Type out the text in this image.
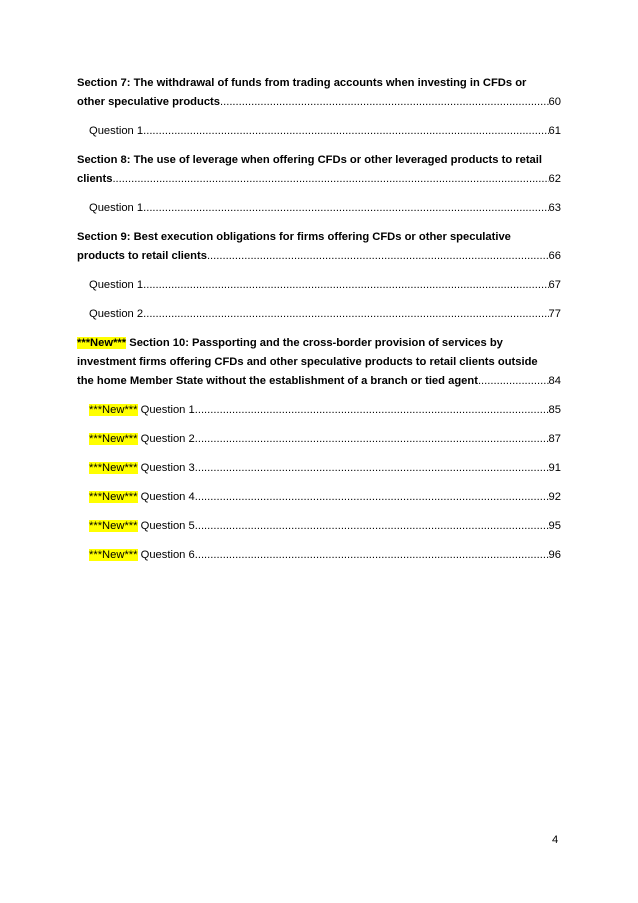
Section 7: The withdrawal of funds from trading accounts when investing in CFDs or
other speculative products .....	60
Question 1 .....	61
Section 8: The use of leverage when offering CFDs or other leveraged products to retail
clients .....	62
Question 1 .....	63
Section 9: Best execution obligations for firms offering CFDs or other speculative
products to retail clients .....	66
Question 1 .....	67
Question 2 .....	77
***New*** Section 10: Passporting and the cross-border provision of services by
investment firms offering CFDs and other speculative products to retail clients outside
the home Member State without the establishment of a branch or tied agent .....	84
***New*** Question 1 .....	85
***New*** Question 2 .....	87
***New*** Question 3 .....	91
***New*** Question 4 .....	92
***New*** Question 5 .....	95
***New*** Question 6 .....	96
4
